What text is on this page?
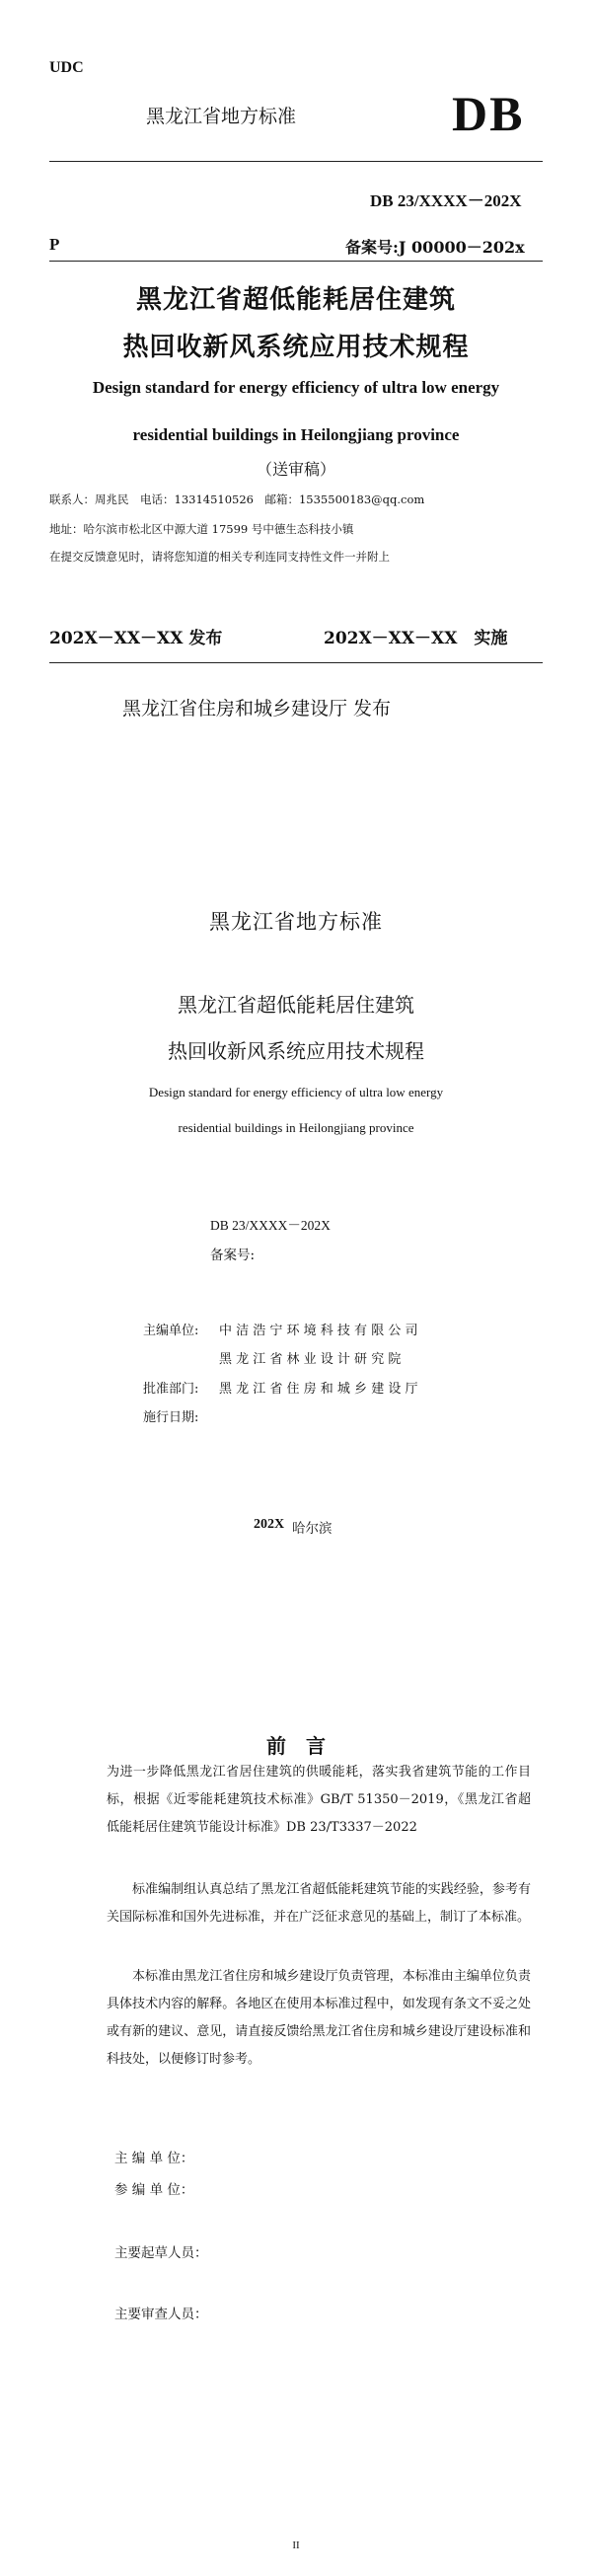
UDC
黑龙江省地方标准	DB
DB 23/XXXX－202X
P	备案号:J 00000－202x
黑龙江省超低能耗居住建筑
热回收新风系统应用技术规程
Design standard for energy efficiency of ultra low energy
residential buildings in Heilongjiang province
（送审稿）
联系人：周兆民　电话：13314510526　邮箱：1535500183@qq.com
地址：哈尔滨市松北区中源大道 17599 号中德生态科技小镇
在提交反馈意见时，请将您知道的相关专利连同支持性文件一并附上
202X－XX－XX 发布	202X－XX－XX　实施
黑龙江省住房和城乡建设厅 发布
黑龙江省地方标准
黑龙江省超低能耗居住建筑
热回收新风系统应用技术规程
Design standard for energy efficiency of ultra low energy
residential buildings in Heilongjiang province
DB 23/XXXX－202X
备案号:
主编单位: 中 洁 浩 宁 环 境 科 技 有 限 公 司
黑 龙 江 省 林 业 设 计 研 究 院
批准部门: 黑 龙 江 省 住 房 和 城 乡 建 设 厅
施行日期:
202X 哈尔滨
前　言
为进一步降低黑龙江省居住建筑的供暖能耗，落实我省建筑节能的工作目标，根据《近零能耗建筑技术标准》GB/T 51350－2019，《黑龙江省超低能耗居住建筑节能设计标准》DB 23/T3337－2022
标准编制组认真总结了黑龙江省超低能耗建筑节能的实践经验，参考有关国际标准和国外先进标准，并在广泛征求意见的基础上，制订了本标准。
本标准由黑龙江省住房和城乡建设厅负责管理，本标准由主编单位负责具体技术内容的解释。各地区在使用本标准过程中，如发现有条文不妥之处或有新的建议、意见，请直接反馈给黑龙江省住房和城乡建设厅建设标准和科技处，以便修订时参考。
主 编 单 位：
参 编 单 位：
主要起草人员：
主要审查人员：
II
